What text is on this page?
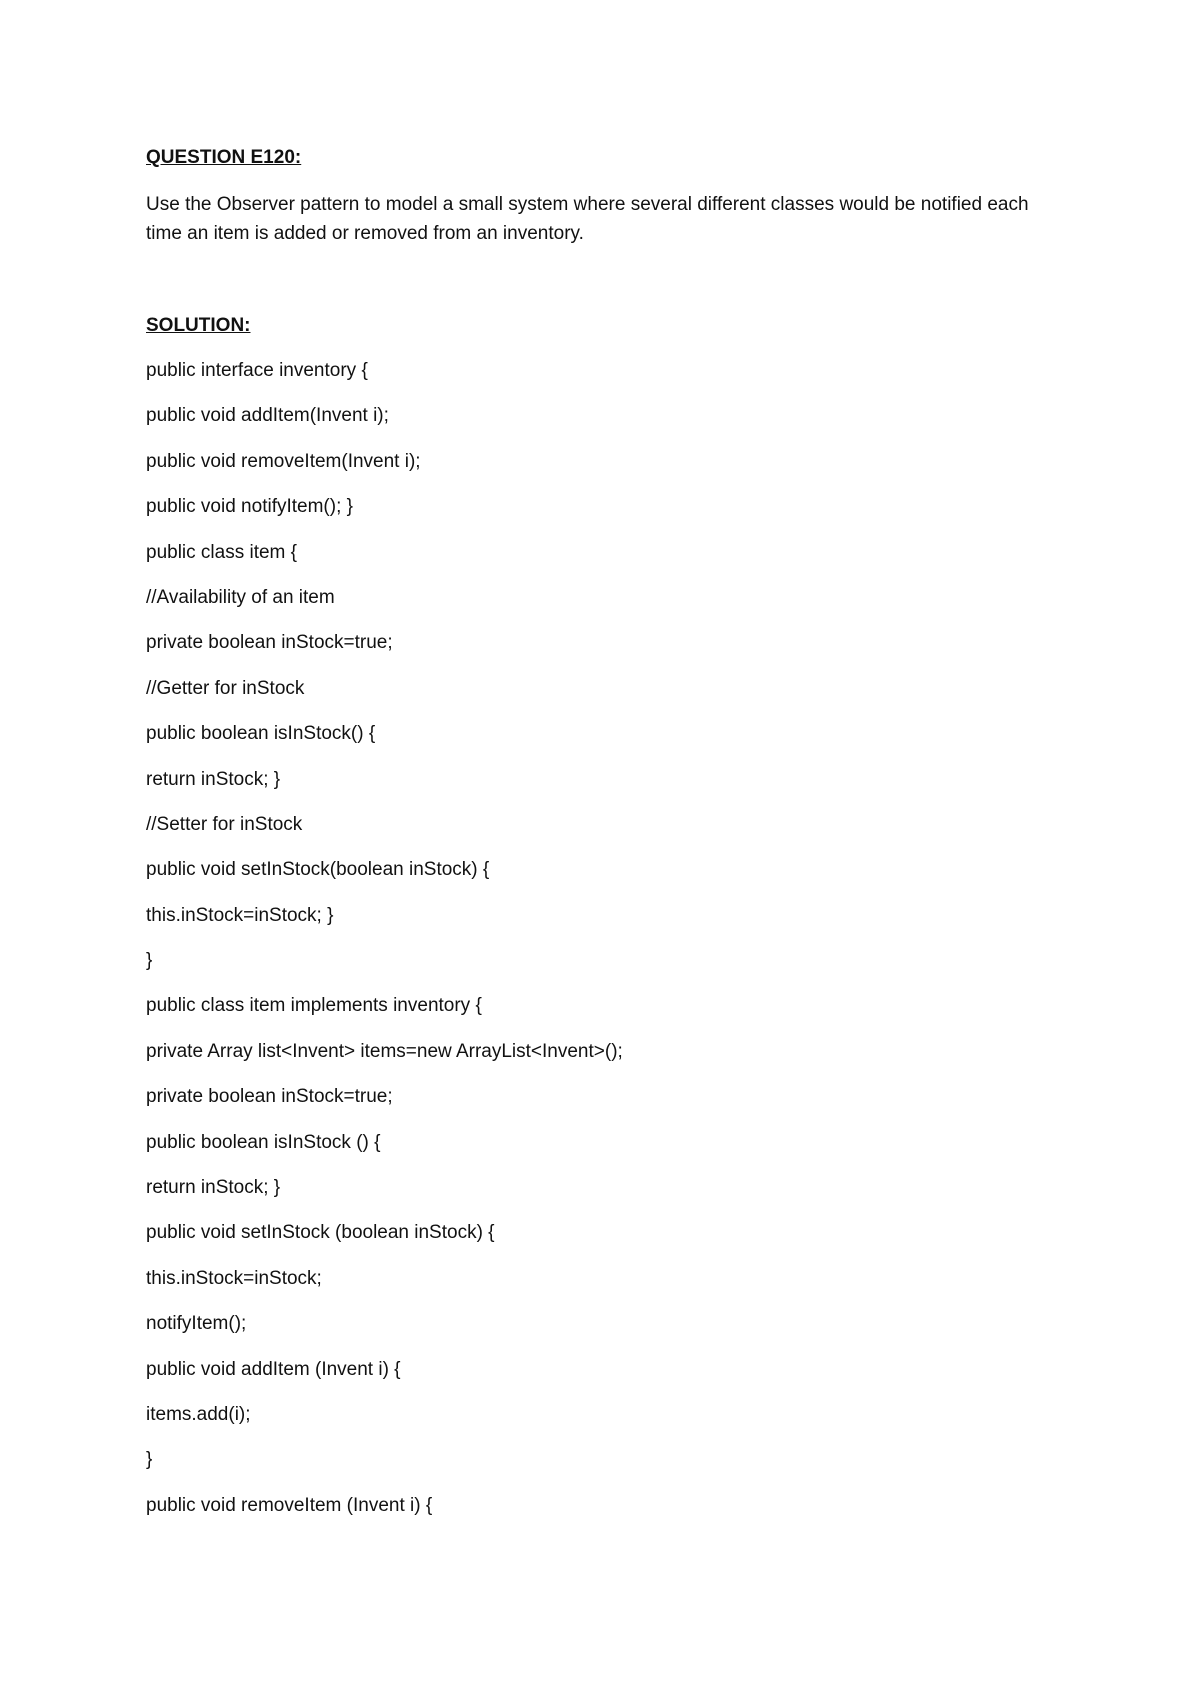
QUESTION E120:

Use the Observer pattern to model a small system where several different classes would be notified each time an item is added or removed from an inventory.

SOLUTION:

public interface inventory {
public void addItem(Invent i);
public void removeItem(Invent i);
public void notifyItem(); }
public class item {
//Availability of an item
private boolean inStock=true;
//Getter for inStock
public boolean isInStock() {
return inStock; }
//Setter for inStock
public void setInStock(boolean inStock) {
this.inStock=inStock; }
}
public class item implements inventory {
private Array list<Invent> items=new ArrayList<Invent>();
private boolean inStock=true;
public boolean isInStock () {
return inStock; }
public void setInStock (boolean inStock) {
this.inStock=inStock;
notifyItem();
public void addItem (Invent i) {
items.add(i);
}
public void removeItem (Invent i) {
